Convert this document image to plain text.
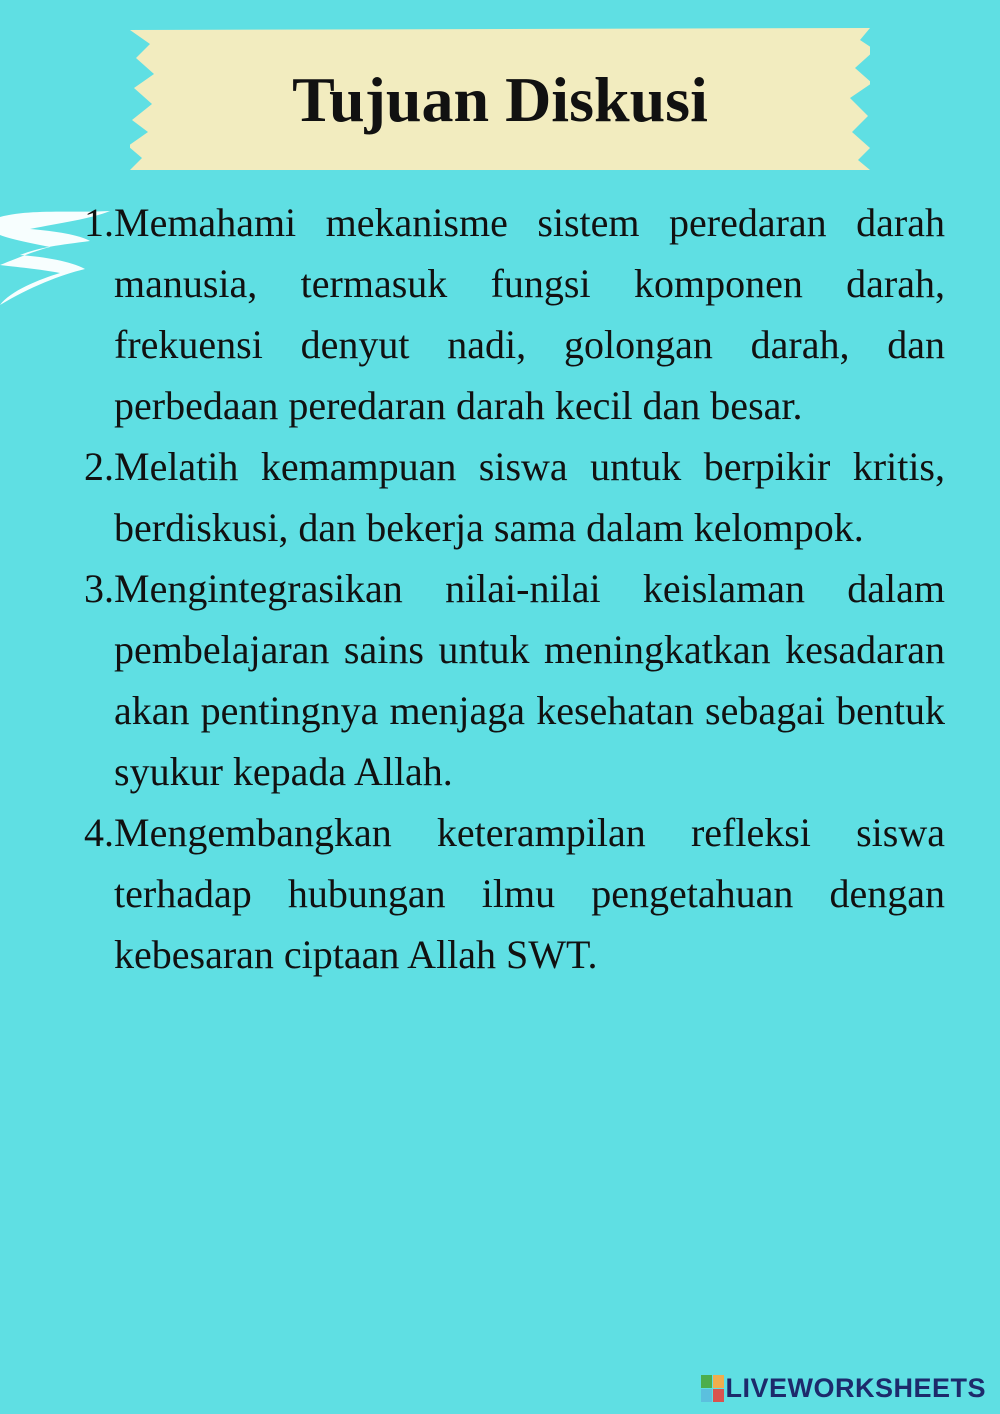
Tujuan Diskusi
1. Memahami mekanisme sistem peredaran darah manusia, termasuk fungsi komponen darah, frekuensi denyut nadi, golongan darah, dan perbedaan peredaran darah kecil dan besar.
2. Melatih kemampuan siswa untuk berpikir kritis, berdiskusi, dan bekerja sama dalam kelompok.
3. Mengintegrasikan nilai-nilai keislaman dalam pembelajaran sains untuk meningkatkan kesadaran akan pentingnya menjaga kesehatan sebagai bentuk syukur kepada Allah.
4. Mengembangkan keterampilan refleksi siswa terhadap hubungan ilmu pengetahuan dengan kebesaran ciptaan Allah SWT.
LIVEWORKSHEETS
